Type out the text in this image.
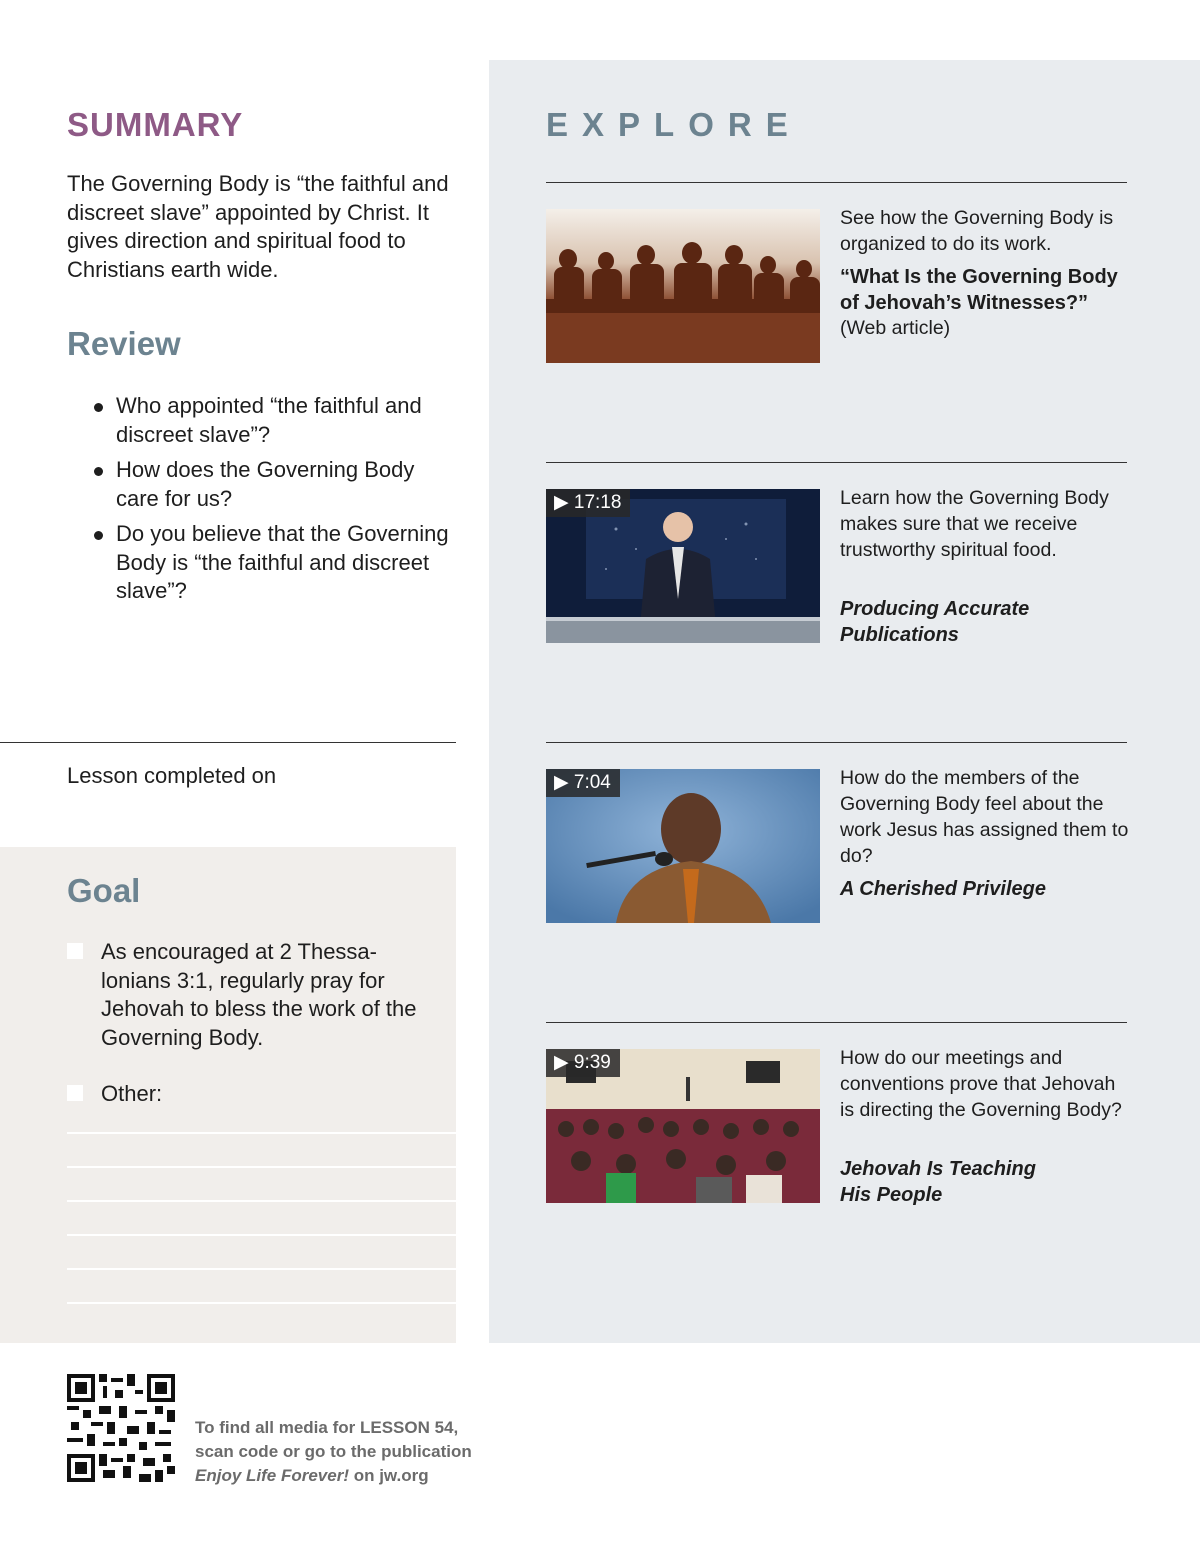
SUMMARY

The Governing Body is “the faithful and discreet slave” appointed by Christ. It gives direction and spiritual food to Christians earth wide.

Review
Who appointed “the faithful and discreet slave”?
How does the Governing Body care for us?
Do you believe that the Governing Body is “the faithful and discreet slave”?
Lesson completed on
Goal
As encouraged at 2 Thessa-lonians 3:1, regularly pray for Jehovah to bless the work of the Governing Body.
Other:
EXPLORE
See how the Governing Body is organized to do its work.
“What Is the Governing Body of Jehovah’s Witnesses?”
(Web article)
▶ 17:18	Learn how the Governing Body makes sure that we receive trustworthy spiritual food.
Producing Accurate Publications
▶ 7:04	How do the members of the Governing Body feel about the work Jesus has assigned them to do?
A Cherished Privilege
▶ 9:39	How do our meetings and conventions prove that Jehovah is directing the Governing Body?
Jehovah Is Teaching His People
To find all media for LESSON 54,
scan code or go to the publication
Enjoy Life Forever! on jw.org
